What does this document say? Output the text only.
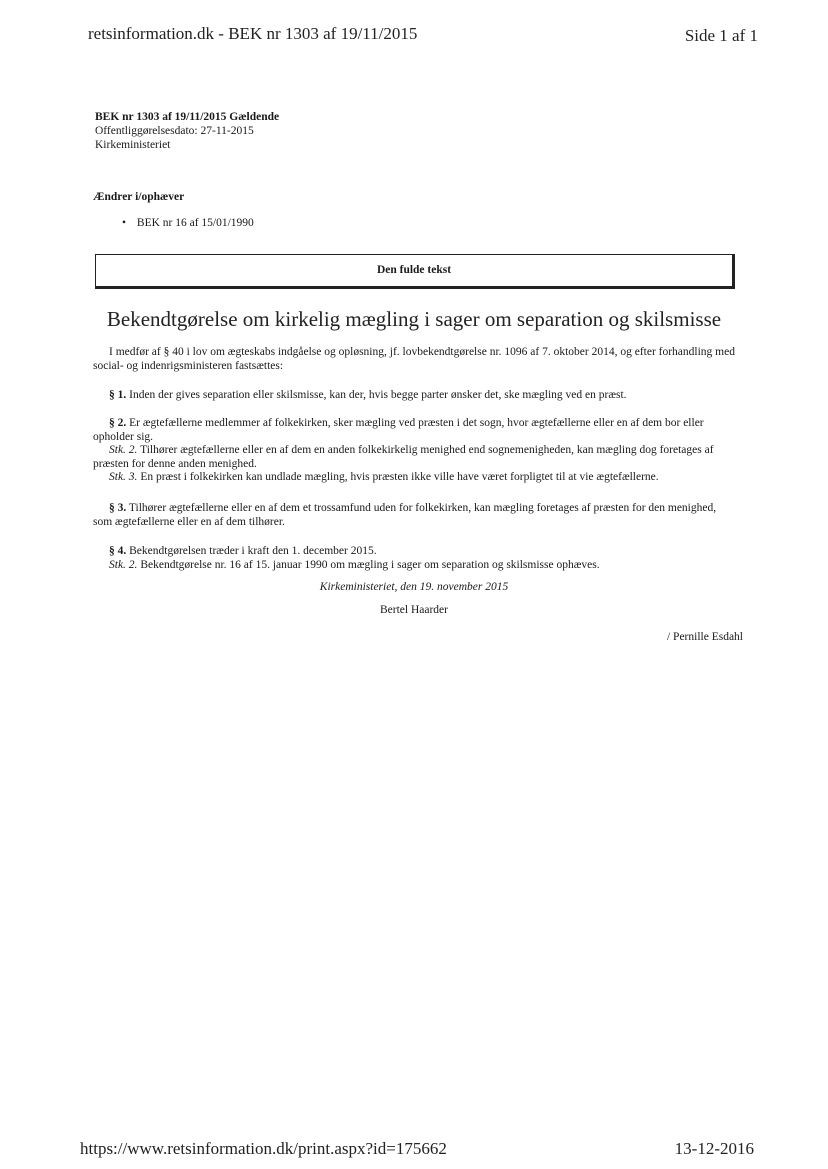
retsinformation.dk - BEK nr 1303 af 19/11/2015	Side 1 af 1
BEK nr 1303 af 19/11/2015 Gældende
Offentliggørelsesdato: 27-11-2015
Kirkeministeriet
Ændrer i/ophæver
• BEK nr 16 af 15/01/1990
Den fulde tekst
Bekendtgørelse om kirkelig mægling i sager om separation og skilsmisse

I medfør af § 40 i lov om ægteskabs indgåelse og opløsning, jf. lovbekendtgørelse nr. 1096 af 7. oktober 2014, og efter forhandling med social- og indenrigsministeren fastsættes:

§ 1. Inden der gives separation eller skilsmisse, kan der, hvis begge parter ønsker det, ske mægling ved en præst.

§ 2. Er ægtefællerne medlemmer af folkekirken, sker mægling ved præsten i det sogn, hvor ægtefællerne eller en af dem bor eller opholder sig.

Stk. 2. Tilhører ægtefællerne eller en af dem en anden folkekirkelig menighed end sognemenigheden, kan mægling dog foretages af præsten for denne anden menighed.

Stk. 3. En præst i folkekirken kan undlade mægling, hvis præsten ikke ville have været forpligtet til at vie ægtefællerne.

§ 3. Tilhører ægtefællerne eller en af dem et trossamfund uden for folkekirken, kan mægling foretages af præsten for den menighed, som ægtefællerne eller en af dem tilhører.

§ 4. Bekendtgørelsen træder i kraft den 1. december 2015.

Stk. 2. Bekendtgørelse nr. 16 af 15. januar 1990 om mægling i sager om separation og skilsmisse ophæves.

Kirkeministeriet, den 19. november 2015
Bertel Haarder
/ Pernille Esdahl
https://www.retsinformation.dk/print.aspx?id=175662	13-12-2016
